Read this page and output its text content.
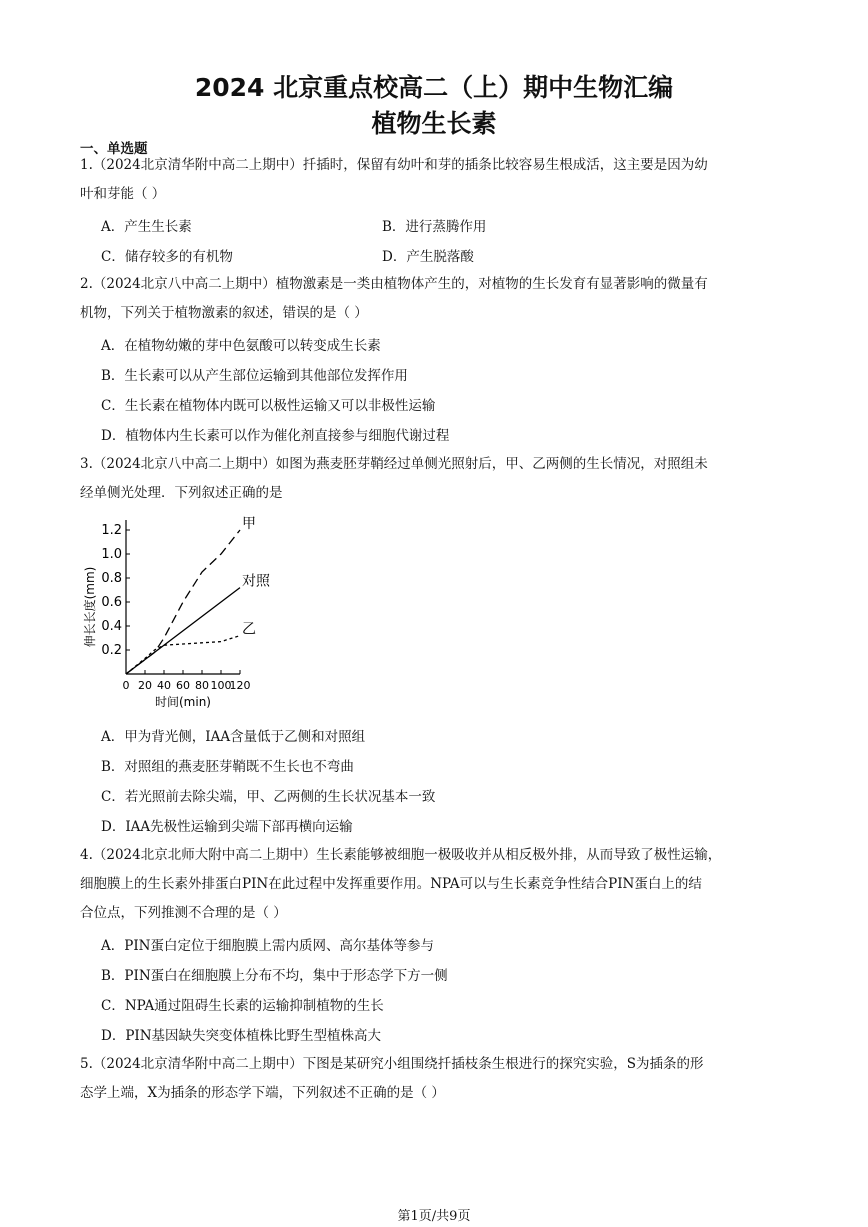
2024 北京重点校高二（上）期中生物汇编
植物生长素
一、单选题
1.（2024北京清华附中高二上期中）扦插时，保留有幼叶和芽的插条比较容易生根成活，这主要是因为幼
叶和芽能（ ）
A．产生生长素	B．进行蒸腾作用
C．储存较多的有机物	D．产生脱落酸
2.（2024北京八中高二上期中）植物激素是一类由植物体产生的，对植物的生长发育有显著影响的微量有
机物，下列关于植物激素的叙述，错误的是（ ）
A．在植物幼嫩的芽中色氨酸可以转变成生长素
B．生长素可以从产生部位运输到其他部位发挥作用
C．生长素在植物体内既可以极性运输又可以非极性运输
D．植物体内生长素可以作为催化剂直接参与细胞代谢过程
3.（2024北京八中高二上期中）如图为燕麦胚芽鞘经过单侧光照射后，甲、乙两侧的生长情况，对照组未
经单侧光处理．下列叙述正确的是
0.2
0.4
0.6
0.8
1.0
1.2
0 20 40 60 80 100
120
时间(min)
伸长长度(mm)
甲
对照
乙
A．甲为背光侧，IAA含量低于乙侧和对照组
B．对照组的燕麦胚芽鞘既不生长也不弯曲
C．若光照前去除尖端，甲、乙两侧的生长状况基本一致
D．IAA先极性运输到尖端下部再横向运输
4.（2024北京北师大附中高二上期中）生长素能够被细胞一极吸收并从相反极外排，从而导致了极性运输，
细胞膜上的生长素外排蛋白PIN在此过程中发挥重要作用。NPA可以与生长素竞争性结合PIN蛋白上的结
合位点，下列推测不合理的是（ ）
A．PIN蛋白定位于细胞膜上需内质网、高尔基体等参与
B．PIN蛋白在细胞膜上分布不均，集中于形态学下方一侧
C．NPA通过阻碍生长素的运输抑制植物的生长
D．PIN基因缺失突变体植株比野生型植株高大
5.（2024北京清华附中高二上期中）下图是某研究小组围绕扦插枝条生根进行的探究实验，S为插条的形
态学上端，X为插条的形态学下端，下列叙述不正确的是（ ）
第1页/共9页
